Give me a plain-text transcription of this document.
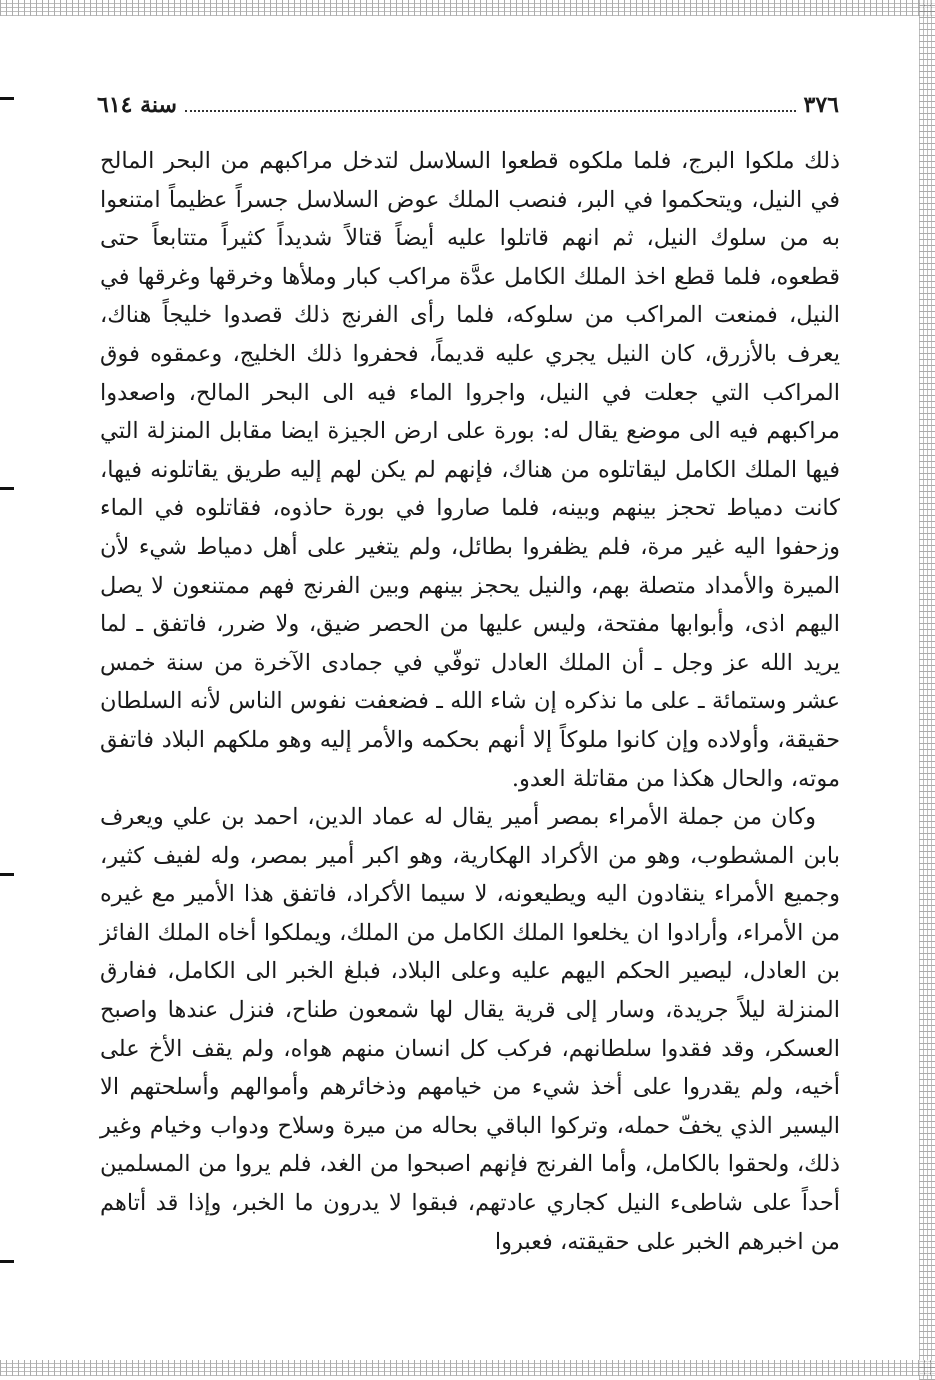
٣٧٦
سنة ٦١٤

ذلك ملكوا البرج، فلما ملكوه قطعوا السلاسل لتدخل مراكبهم من البحر المالح في النيل، ويتحكموا في البر، فنصب الملك عوض السلاسل جسراً عظيماً امتنعوا به من سلوك النيل، ثم انهم قاتلوا عليه أيضاً قتالاً شديداً كثيراً متتابعاً حتى قطعوه، فلما قطع اخذ الملك الكامل عدَّة مراكب كبار وملأها وخرقها وغرقها في النيل، فمنعت المراكب من سلوكه، فلما رأى الفرنج ذلك قصدوا خليجاً هناك، يعرف بالأزرق، كان النيل يجري عليه قديماً، فحفروا ذلك الخليج، وعمقوه فوق المراكب التي جعلت في النيل، واجروا الماء فيه الى البحر المالح، واصعدوا مراكبهم فيه الى موضع يقال له: بورة على ارض الجيزة ايضا مقابل المنزلة التي فيها الملك الكامل ليقاتلوه من هناك، فإنهم لم يكن لهم إليه طريق يقاتلونه فيها، كانت دمياط تحجز بينهم وبينه، فلما صاروا في بورة حاذوه، فقاتلوه في الماء وزحفوا اليه غير مرة، فلم يظفروا بطائل، ولم يتغير على أهل دمياط شيء لأن الميرة والأمداد متصلة بهم، والنيل يحجز بينهم وبين الفرنج فهم ممتنعون لا يصل اليهم اذى، وأبوابها مفتحة، وليس عليها من الحصر ضيق، ولا ضرر، فاتفق ـ لما يريد الله عز وجل ـ أن الملك العادل توفّي في جمادى الآخرة من سنة خمس عشر وستمائة ـ على ما نذكره إن شاء الله ـ فضعفت نفوس الناس لأنه السلطان حقيقة، وأولاده وإن كانوا ملوكاً إلا أنهم بحكمه والأمر إليه وهو ملكهم البلاد فاتفق موته، والحال هكذا من مقاتلة العدو.

وكان من جملة الأمراء بمصر أمير يقال له عماد الدين، احمد بن علي ويعرف بابن المشطوب، وهو من الأكراد الهكارية، وهو اكبر أمير بمصر، وله لفيف كثير، وجميع الأمراء ينقادون اليه ويطيعونه، لا سيما الأكراد، فاتفق هذا الأمير مع غيره من الأمراء، وأرادوا ان يخلعوا الملك الكامل من الملك، ويملكوا أخاه الملك الفائز بن العادل، ليصير الحكم اليهم عليه وعلى البلاد، فبلغ الخبر الى الكامل، ففارق المنزلة ليلاً جريدة، وسار إلى قرية يقال لها شمعون طناح، فنزل عندها واصبح العسكر، وقد فقدوا سلطانهم، فركب كل انسان منهم هواه، ولم يقف الأخ على أخيه، ولم يقدروا على أخذ شيء من خيامهم وذخائرهم وأموالهم وأسلحتهم الا اليسير الذي يخفّ حمله، وتركوا الباقي بحاله من ميرة وسلاح ودواب وخيام وغير ذلك، ولحقوا بالكامل، وأما الفرنج فإنهم اصبحوا من الغد، فلم يروا من المسلمين أحداً على شاطىء النيل كجاري عادتهم، فبقوا لا يدرون ما الخبر، وإذا قد أتاهم من اخبرهم الخبر على حقيقته، فعبروا
